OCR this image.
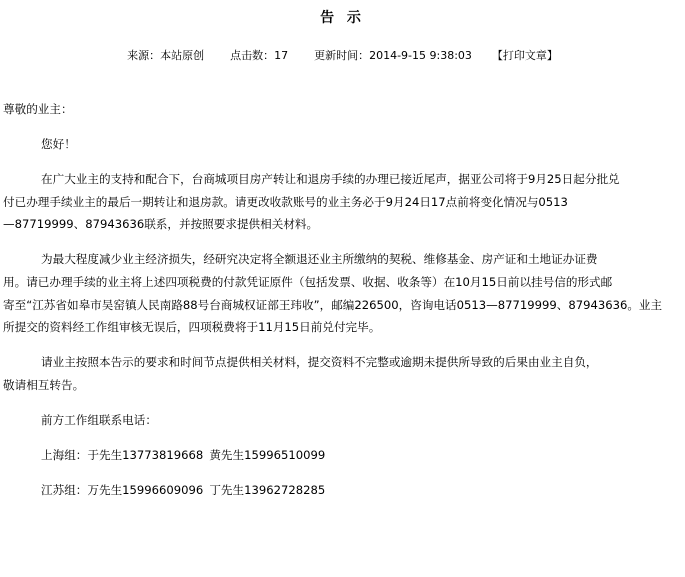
告 示
来源：本站原创 点击数：17 更新时间：2014-9-15 9:38:03 【打印文章】

尊敬的业主：

您好！

在广大业主的支持和配合下，台商城项目房产转让和退房手续的办理已接近尾声，据亚公司将于9月25日起分批兑
付已办理手续业主的最后一期转让和退房款。请更改收款账号的业主务必于9月24日17点前将变化情况与0513
—87719999、87943636联系，并按照要求提供相关材料。

为最大程度减少业主经济损失，经研究决定将全额退还业主所缴纳的契税、维修基金、房产证和土地证办证费
用。请已办理手续的业主将上述四项税费的付款凭证原件（包括发票、收据、收条等）在10月15日前以挂号信的形式邮
寄至“江苏省如皋市吴窑镇人民南路88号台商城权证部王玮收”，邮编226500，咨询电话0513—87719999、87943636。业主
所提交的资料经工作组审核无误后，四项税费将于11月15日前兑付完毕。

请业主按照本告示的要求和时间节点提供相关材料，提交资料不完整或逾期未提供所导致的后果由业主自负，
敬请相互转告。

前方工作组联系电话：

上海组：于先生13773819668 黄先生15996510099

江苏组：万先生15996609096 丁先生13962728285
